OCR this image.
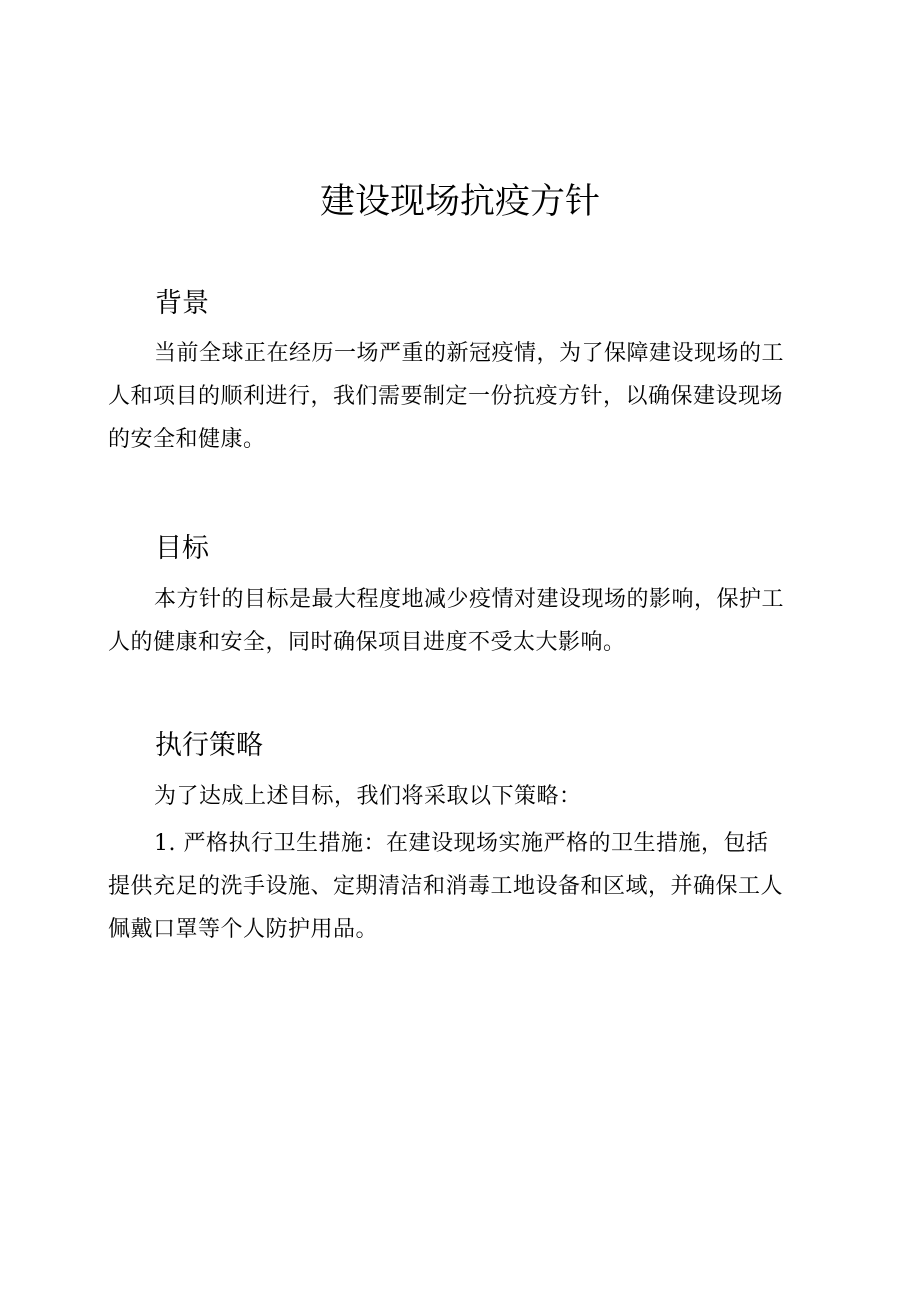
建设现场抗疫方针
背景

当前全球正在经历一场严重的新冠疫情，为了保障建设现场的工
人和项目的顺利进行，我们需要制定一份抗疫方针，以确保建设现场
的安全和健康。

目标

本方针的目标是最大程度地减少疫情对建设现场的影响，保护工
人的健康和安全，同时确保项目进度不受太大影响。

执行策略

为了达成上述目标，我们将采取以下策略：

1. 严格执行卫生措施：在建设现场实施严格的卫生措施，包括
提供充足的洗手设施、定期清洁和消毒工地设备和区域，并确保工人
佩戴口罩等个人防护用品。
